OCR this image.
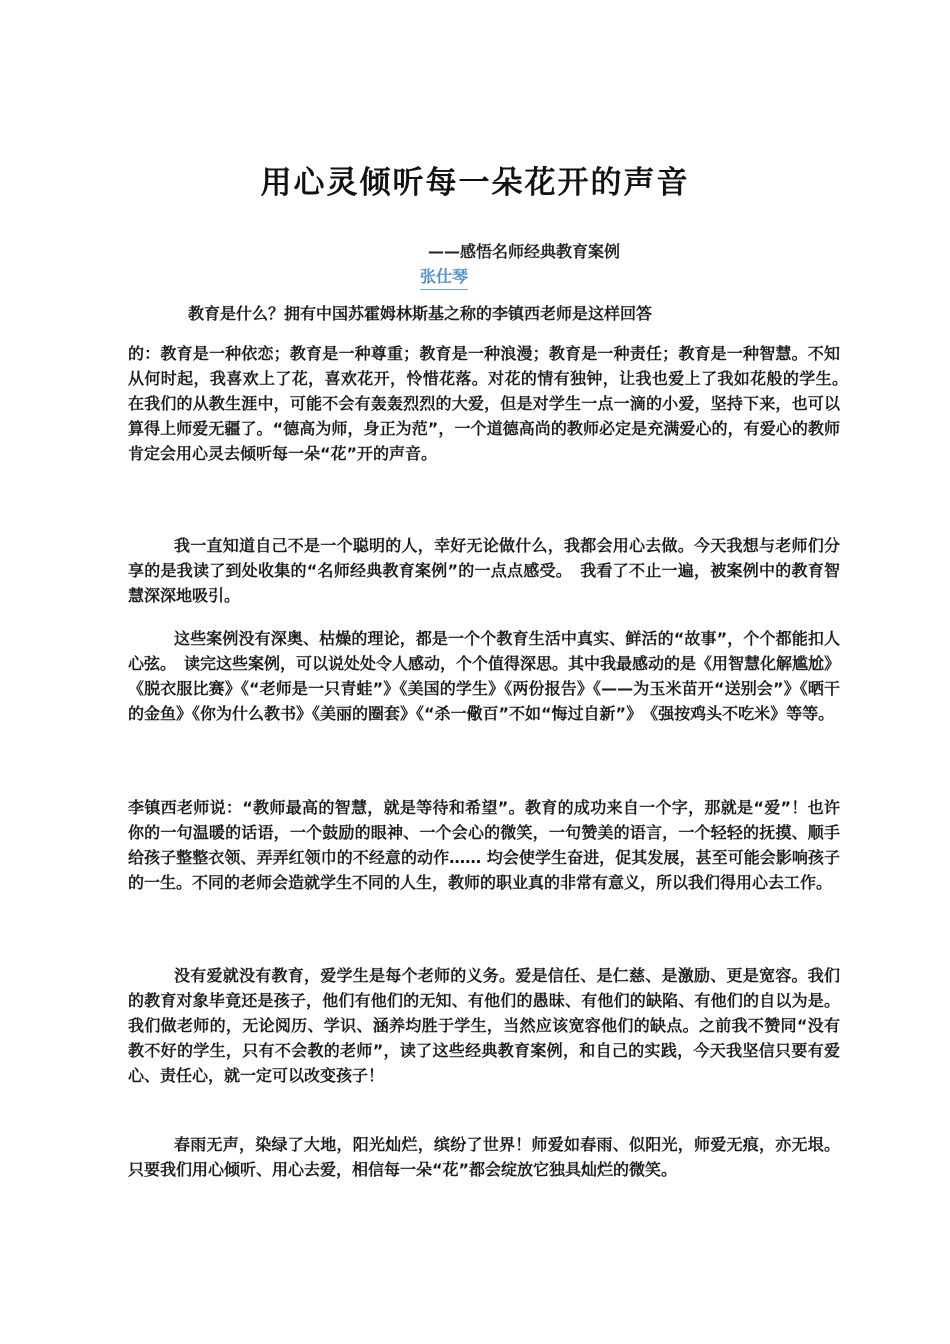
用心灵倾听每一朵花开的声音
——感悟名师经典教育案例
张仕琴
教育是什么？拥有中国苏霍姆林斯基之称的李镇西老师是这样回答

的：教育是一种依恋；教育是一种尊重；教育是一种浪漫；教育是一种责任；教育是一种智慧。不知从何时起，我喜欢上了花，喜欢花开，怜惜花落。对花的情有独钟，让我也爱上了我如花般的学生。　　　　　在我们的从教生涯中，可能不会有轰轰烈烈的大爱，但是对学生一点一滴的小爱，坚持下来，也可以算得上师爱无疆了。“德高为师，身正为范”，一个道德高尚的教师必定是充满爱心的，有爱心的教师肯定会用心灵去倾听每一朵“花”开的声音。

我一直知道自己不是一个聪明的人，幸好无论做什么，我都会用心去做。今天我想与老师们分享的是我读了到处收集的“名师经典教育案例”的一点点感受。　我看了不止一遍，被案例中的教育智慧深深地吸引。

这些案例没有深奥、枯燥的理论，都是一个个教育生活中真实、鲜活的“故事”，个个都能扣人心弦。　读完这些案例，可以说处处令人感动，个个值得深思。其中我最感动的是《用智慧化解尴尬》《脱衣服比赛》《“老师是一只青蛙”》《美国的学生》《两份报告》《——为玉米苗开“送别会”》《晒干的金鱼》《你为什么教书》《美丽的圈套》《“杀一儆百”不如“悔过自新”》　《强按鸡头不吃米》等等。

李镇西老师说：“教师最高的智慧，就是等待和希望”。教育的成功来自一个字，那就是“爱”！也许你的一句温暖的话语，一个鼓励的眼神、一个会心的微笑，一句赞美的语言，一个轻轻的抚摸、顺手给孩子整整衣领、弄弄红领巾的不经意的动作…… 均会使学生奋进，促其发展，甚至可能会影响孩子的一生。不同的老师会造就学生不同的人生，教师的职业真的非常有意义，所以我们得用心去工作。

没有爱就没有教育，爱学生是每个老师的义务。爱是信任、是仁慈、是激励、更是宽容。我们的教育对象毕竟还是孩子，他们有他们的无知、有他们的愚昧、有他们的缺陷、有他们的自以为是。我们做老师的，无论阅历、学识、涵养均胜于学生，当然应该宽容他们的缺点。之前我不赞同“没有教不好的学生，只有不会教的老师”，读了这些经典教育案例，和自己的实践，今天我坚信只要有爱心、责任心，就一定可以改变孩子！

春雨无声，染绿了大地，阳光灿烂，缤纷了世界！师爱如春雨、似阳光，师爱无痕，亦无垠。只要我们用心倾听、用心去爱，相信每一朵“花”都会绽放它独具灿烂的微笑。
